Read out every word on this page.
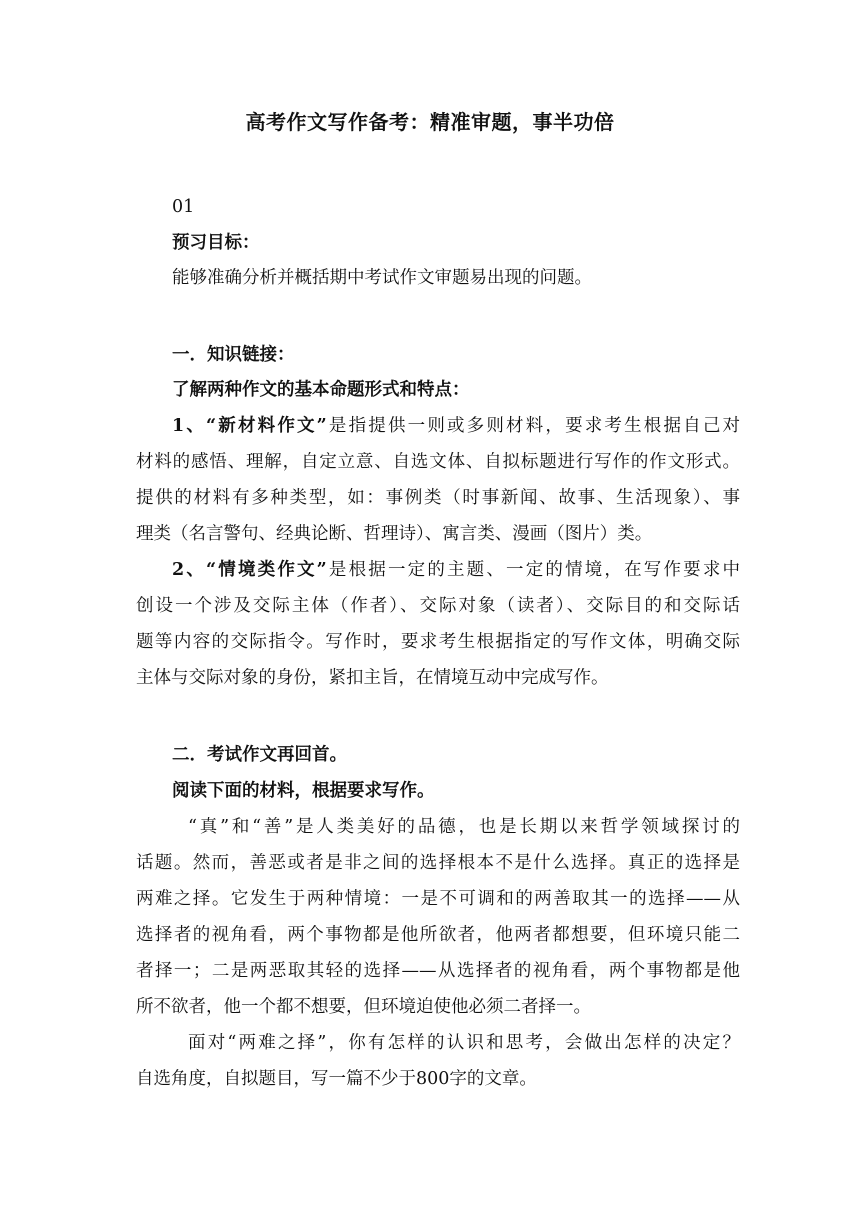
高考作文写作备考：精准审题，事半功倍
01
预习目标：
能够准确分析并概括期中考试作文审题易出现的问题。
一．知识链接：
了解两种作文的基本命题形式和特点：
1、“新材料作文”是指提供一则或多则材料，要求考生根据自己对
材料的感悟、理解，自定立意、自选文体、自拟标题进行写作的作文形式。
提供的材料有多种类型，如：事例类（时事新闻、故事、生活现象）、事
理类（名言警句、经典论断、哲理诗）、寓言类、漫画（图片）类。
2、“情境类作文”是根据一定的主题、一定的情境，在写作要求中
创设一个涉及交际主体（作者）、交际对象（读者）、交际目的和交际话
题等内容的交际指令。写作时，要求考生根据指定的写作文体，明确交际
主体与交际对象的身份，紧扣主旨，在情境互动中完成写作。
二．考试作文再回首。
阅读下面的材料，根据要求写作。
“真”和“善”是人类美好的品德，也是长期以来哲学领域探讨的
话题。然而，善恶或者是非之间的选择根本不是什么选择。真正的选择是
两难之择。它发生于两种情境：一是不可调和的两善取其一的选择——从
选择者的视角看，两个事物都是他所欲者，他两者都想要，但环境只能二
者择一；二是两恶取其轻的选择——从选择者的视角看，两个事物都是他
所不欲者，他一个都不想要，但环境迫使他必须二者择一。
面对“两难之择”，你有怎样的认识和思考，会做出怎样的决定？
自选角度，自拟题目，写一篇不少于800字的文章。
